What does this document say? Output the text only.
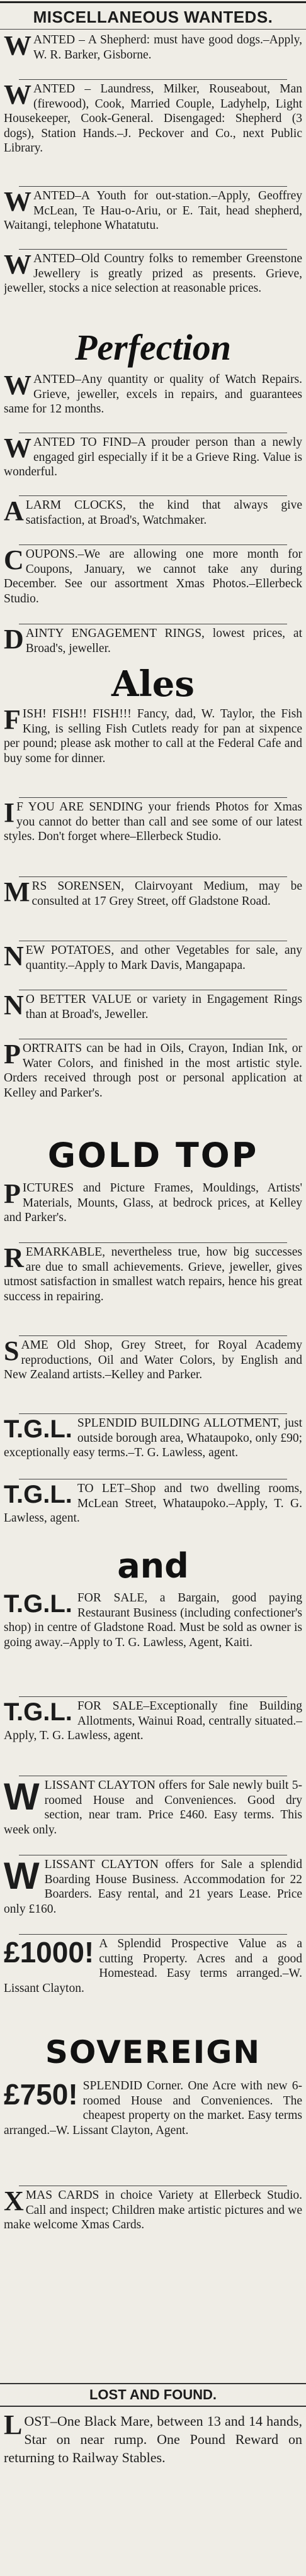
MISCELLANEOUS WANTEDS.
WANTED – A Shepherd: must have good dogs.–Apply, W. R. Barker, Gisborne.
WANTED – Laundress, Milker, Rouseabout, Man (firewood), Cook, Married Couple, Ladyhelp, Light Housekeeper, Cook-General. Disengaged: Shepherd (3 dogs), Station Hands.–J. Peckover and Co., next Public Library.
WANTED–A Youth for out-station.–Apply, Geoffrey McLean, Te Hau-o-Ariu, or E. Tait, head shepherd, Waitangi, telephone Whatatutu.
WANTED–Old Country folks to remember Greenstone Jewellery is greatly prized as presents. Grieve, jeweller, stocks a nice selection at reasonable prices.
Perfection
WANTED–Any quantity or quality of Watch Repairs. Grieve, jeweller, excels in repairs, and guarantees same for 12 months.
WANTED TO FIND–A prouder person than a newly engaged girl especially if it be a Grieve Ring. Value is wonderful.
ALARM CLOCKS, the kind that always give satisfaction, at Broad's, Watchmaker.
COUPONS.–We are allowing one more month for Coupons, January, we cannot take any during December. See our assortment Xmas Photos.–Ellerbeck Studio.
DAINTY ENGAGEMENT RINGS, lowest prices, at Broad's, jeweller.
Ales
FISH! FISH!! FISH!!! Fancy, dad, W. Taylor, the Fish King, is selling Fish Cutlets ready for pan at sixpence per pound; please ask mother to call at the Federal Cafe and buy some for dinner.
IF YOU ARE SENDING your friends Photos for Xmas you cannot do better than call and see some of our latest styles. Don't forget where–Ellerbeck Studio.
MRS SORENSEN, Clairvoyant Medium, may be consulted at 17 Grey Street, off Gladstone Road.
NEW POTATOES, and other Vegetables for sale, any quantity.–Apply to Mark Davis, Mangapapa.
NO BETTER VALUE or variety in Engagement Rings than at Broad's, Jeweller.
PORTRAITS can be had in Oils, Crayon, Indian Ink, or Water Colors, and finished in the most artistic style. Orders received through post or personal application at Kelley and Parker's.
GOLD TOP
PICTURES and Picture Frames, Mouldings, Artists' Materials, Mounts, Glass, at bedrock prices, at Kelley and Parker's.
REMARKABLE, nevertheless true, how big successes are due to small achievements. Grieve, jeweller, gives utmost satisfaction in smallest watch repairs, hence his great success in repairing.
SAME Old Shop, Grey Street, for Royal Academy reproductions, Oil and Water Colors, by English and New Zealand artists.–Kelley and Parker.
T.G.L. SPLENDID BUILDING ALLOTMENT, just outside borough area, Whataupoko, only £90; exceptionally easy terms.–T. G. Lawless, agent.
T.G.L. TO LET–Shop and two dwelling rooms, McLean Street, Whataupoko.–Apply, T. G. Lawless, agent.
and
T.G.L. FOR SALE, a Bargain, good paying Restaurant Business (including confectioner's shop) in centre of Gladstone Road. Must be sold as owner is going away.–Apply to T. G. Lawless, Agent, Kaiti.
T.G.L. FOR SALE–Exceptionally fine Building Allotments, Wainui Road, centrally situated.–Apply, T. G. Lawless, agent.
WLISSANT CLAYTON offers for Sale newly built 5-roomed House and Conveniences. Good dry section, near tram. Price £460. Easy terms. This week only.
WLISSANT CLAYTON offers for Sale a splendid Boarding House Business. Accommodation for 22 Boarders. Easy rental, and 21 years Lease. Price only £160.
£1000! A Splendid Prospective Value as a cutting Property. Acres and a good Homestead. Easy terms arranged.–W. Lissant Clayton.
SOVEREIGN
£750! SPLENDID Corner. One Acre with new 6-roomed House and Conveniences. The cheapest property on the market. Easy terms arranged.–W. Lissant Clayton, Agent.
XMAS CARDS in choice Variety at Ellerbeck Studio. Call and inspect; Children make artistic pictures and we make welcome Xmas Cards.
LOST AND FOUND.
LOST–One Black Mare, between 13 and 14 hands, Star on near rump. One Pound Reward on returning to Railway Stables.
